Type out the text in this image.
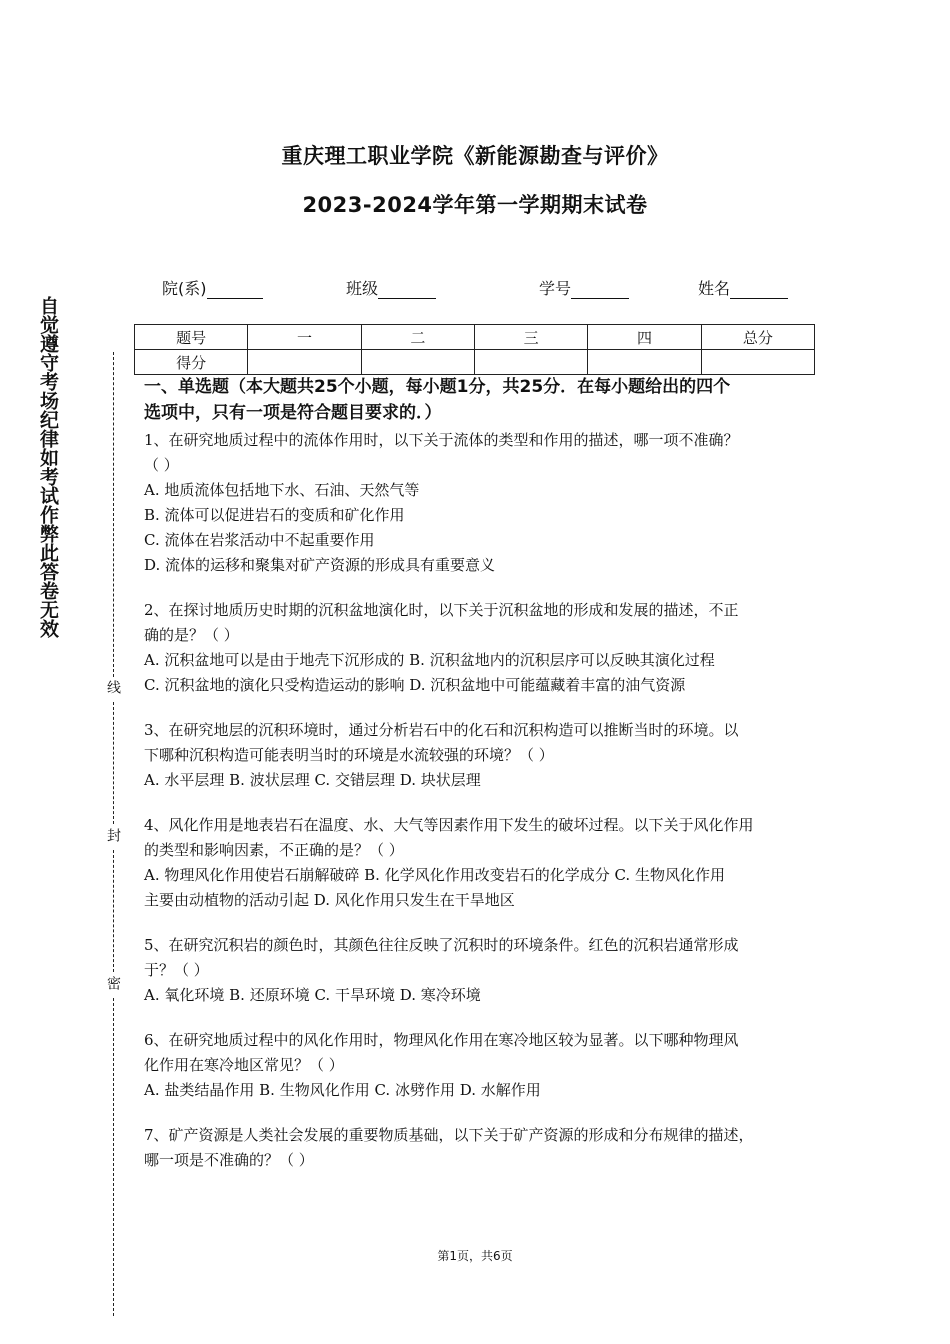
重庆理工职业学院《新能源勘查与评价》
2023-2024学年第一学期期末试卷
院(系)	班级	学号	姓名
自觉遵守考场纪律如考试作弊此答卷无效
线
封
密
题号	一	二	三	四	总分
得分					
一、单选题（本大题共25个小题，每小题1分，共25分．在每小题给出的四个
选项中，只有一项是符合题目要求的．）
1、在研究地质过程中的流体作用时，以下关于流体的类型和作用的描述，哪一项不准确？
（ ）
A. 地质流体包括地下水、石油、天然气等
B. 流体可以促进岩石的变质和矿化作用
C. 流体在岩浆活动中不起重要作用
D. 流体的运移和聚集对矿产资源的形成具有重要意义
2、在探讨地质历史时期的沉积盆地演化时，以下关于沉积盆地的形成和发展的描述，不正
确的是？（ ）
A. 沉积盆地可以是由于地壳下沉形成的 B. 沉积盆地内的沉积层序可以反映其演化过程
C. 沉积盆地的演化只受构造运动的影响 D. 沉积盆地中可能蕴藏着丰富的油气资源
3、在研究地层的沉积环境时，通过分析岩石中的化石和沉积构造可以推断当时的环境。以
下哪种沉积构造可能表明当时的环境是水流较强的环境？（ ）
A. 水平层理 B. 波状层理 C. 交错层理 D. 块状层理
4、风化作用是地表岩石在温度、水、大气等因素作用下发生的破坏过程。以下关于风化作用
的类型和影响因素，不正确的是？（ ）
A. 物理风化作用使岩石崩解破碎 B. 化学风化作用改变岩石的化学成分 C. 生物风化作用
主要由动植物的活动引起 D. 风化作用只发生在干旱地区
5、在研究沉积岩的颜色时，其颜色往往反映了沉积时的环境条件。红色的沉积岩通常形成
于？（ ）
A. 氧化环境 B. 还原环境 C. 干旱环境 D. 寒冷环境
6、在研究地质过程中的风化作用时，物理风化作用在寒冷地区较为显著。以下哪种物理风
化作用在寒冷地区常见？（ ）
A. 盐类结晶作用 B. 生物风化作用 C. 冰劈作用 D. 水解作用
7、矿产资源是人类社会发展的重要物质基础，以下关于矿产资源的形成和分布规律的描述，
哪一项是不准确的？（ ）
第1页，共6页
